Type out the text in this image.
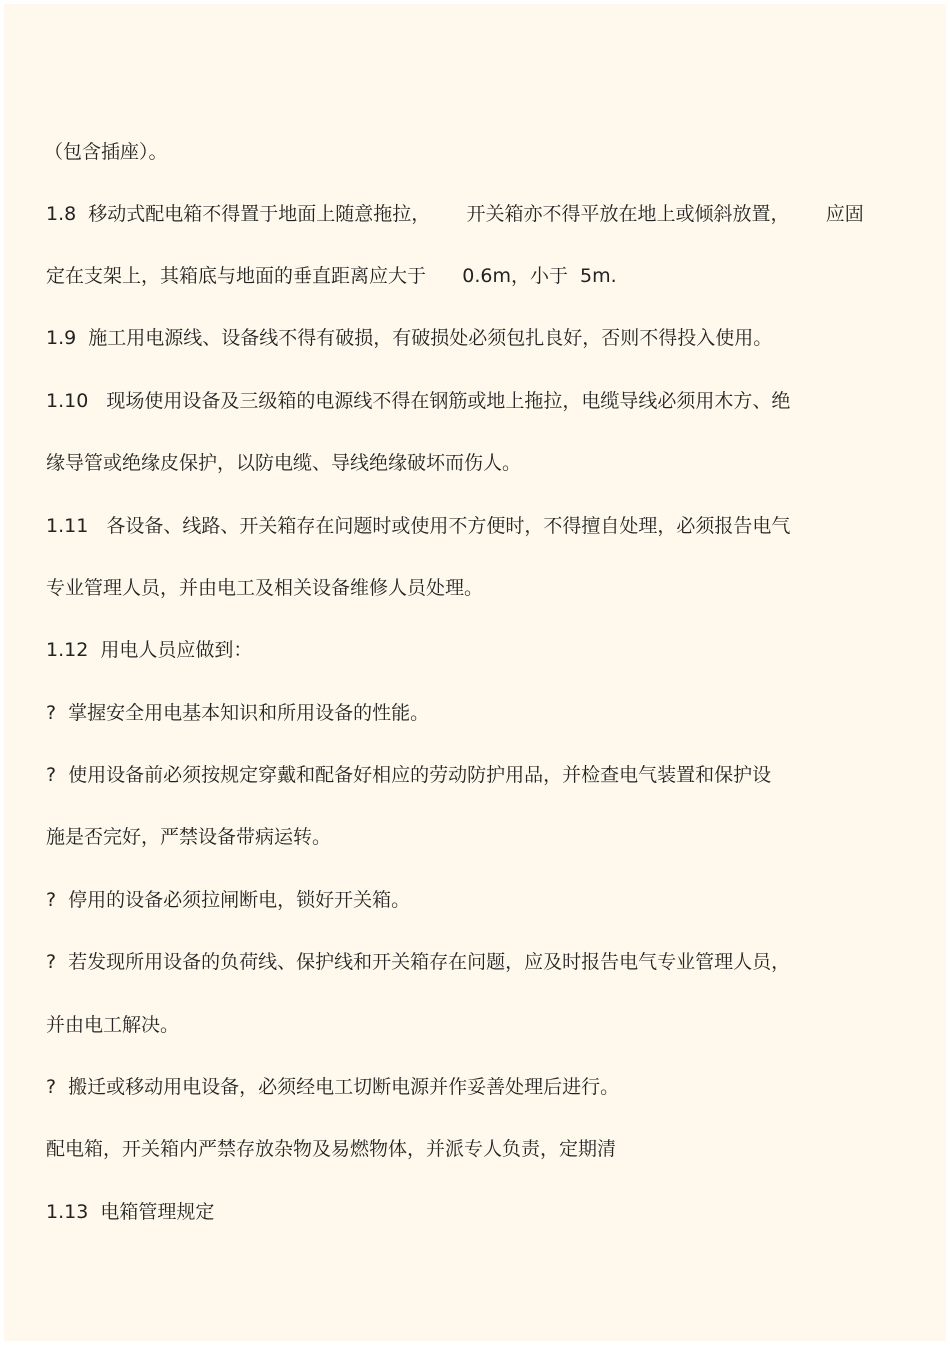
（包含插座）。
1.8  移动式配电箱不得置于地面上随意拖拉，      开关箱亦不得平放在地上或倾斜放置，      应固
定在支架上，其箱底与地面的垂直距离应大于      0.6m，小于  5m.
1.9  施工用电源线、设备线不得有破损，有破损处必须包扎良好，否则不得投入使用。
1.10   现场使用设备及三级箱的电源线不得在钢筋或地上拖拉，电缆导线必须用木方、绝
缘导管或绝缘皮保护，以防电缆、导线绝缘破坏而伤人。
1.11   各设备、线路、开关箱存在问题时或使用不方便时，不得擅自处理，必须报告电气
专业管理人员，并由电工及相关设备维修人员处理。
1.12  用电人员应做到：
?  掌握安全用电基本知识和所用设备的性能。
?  使用设备前必须按规定穿戴和配备好相应的劳动防护用品，并检查电气装置和保护设
施是否完好，严禁设备带病运转。
?  停用的设备必须拉闸断电，锁好开关箱。
?  若发现所用设备的负荷线、保护线和开关箱存在问题，应及时报告电气专业管理人员，
并由电工解决。
?  搬迁或移动用电设备，必须经电工切断电源并作妥善处理后进行。
配电箱，开关箱内严禁存放杂物及易燃物体，并派专人负责，定期清
1.13  电箱管理规定
